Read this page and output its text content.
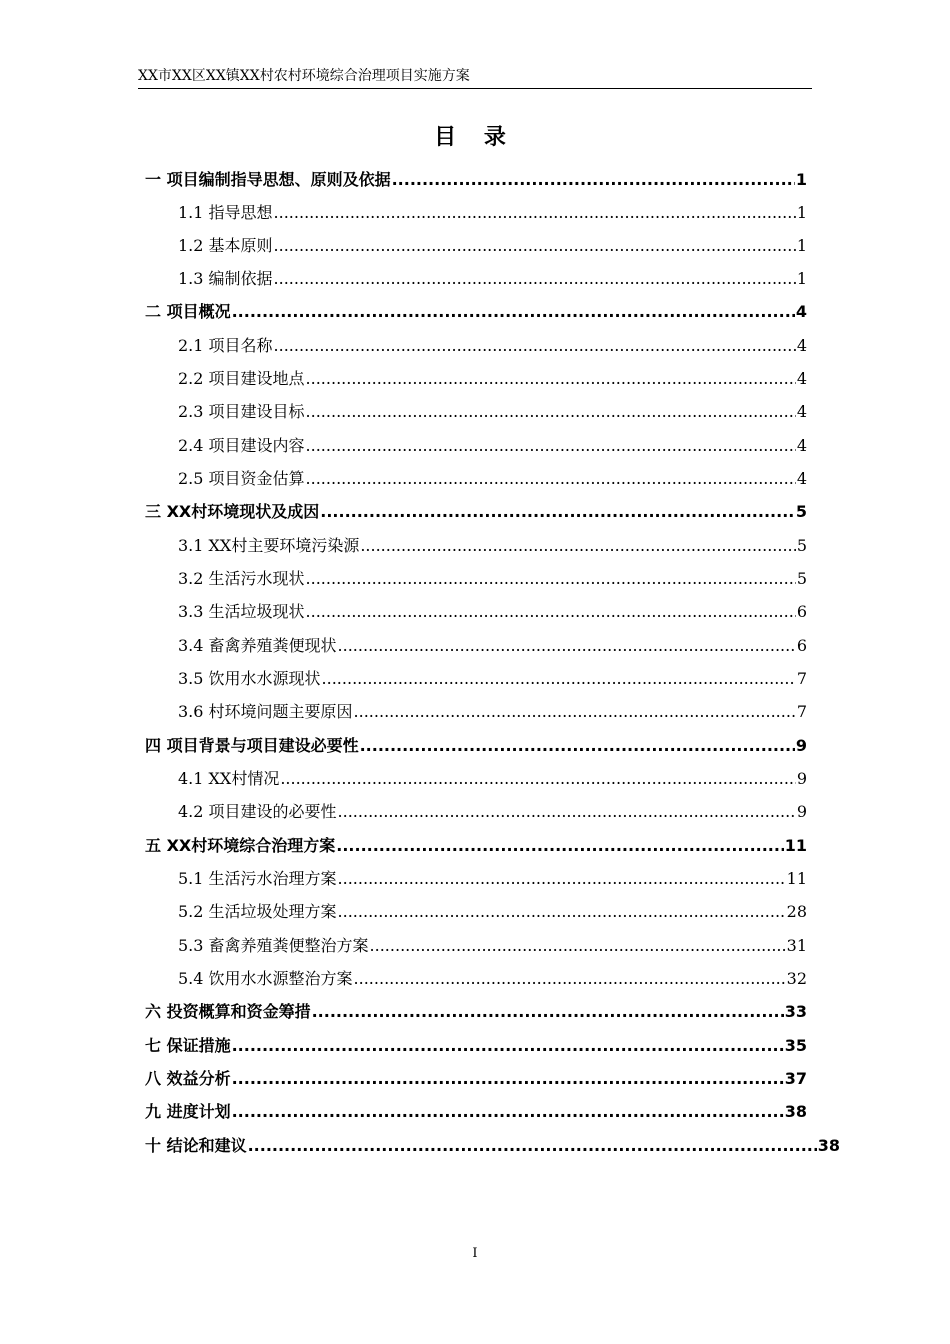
XX市XX区XX镇XX村农村环境综合治理项目实施方案
目 录
一 项目编制指导思想、原则及依据 .....	1
1.1 指导思想 .....	1
1.2 基本原则 .....	1
1.3 编制依据 .....	1
二 项目概况 .....	4
2.1 项目名称 .....	4
2.2 项目建设地点 .....	4
2.3 项目建设目标 .....	4
2.4 项目建设内容 .....	4
2.5 项目资金估算 .....	4
三 XX村环境现状及成因 .....	5
3.1 XX村主要环境污染源 .....	5
3.2 生活污水现状 .....	5
3.3 生活垃圾现状 .....	6
3.4 畜禽养殖粪便现状 .....	6
3.5 饮用水水源现状 .....	7
3.6 村环境问题主要原因 .....	7
四 项目背景与项目建设必要性 .....	9
4.1 XX村情况 .....	9
4.2 项目建设的必要性 .....	9
五 XX村环境综合治理方案 .....	11
5.1 生活污水治理方案 .....	11
5.2 生活垃圾处理方案 .....	28
5.3 畜禽养殖粪便整治方案 .....	31
5.4 饮用水水源整治方案 .....	32
六 投资概算和资金筹措 .....	33
七 保证措施 .....	35
八 效益分析 .....	37
九 进度计划 .....	38
十 结论和建议 .....	38
I
